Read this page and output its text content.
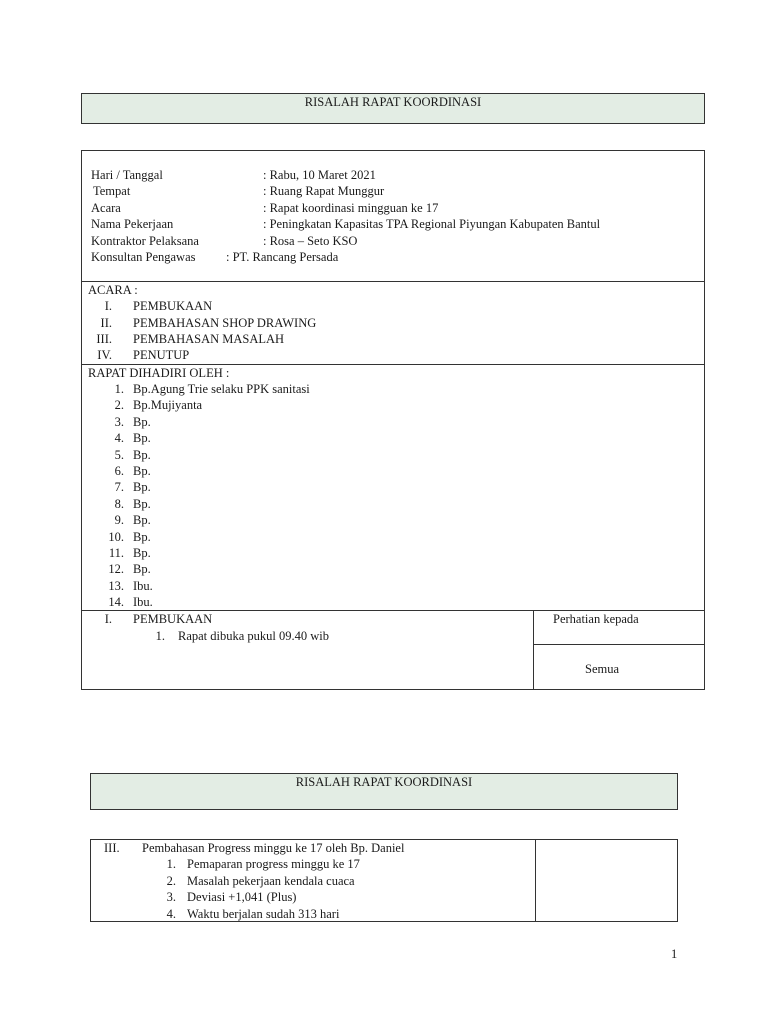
RISALAH RAPAT KOORDINASI
Hari / Tanggal	: Rabu, 10 Maret 2021
Tempat	: Ruang Rapat Munggur
Acara	: Rapat koordinasi mingguan ke 17
Nama Pekerjaan	: Peningkatan Kapasitas TPA Regional Piyungan Kabupaten Bantul
Kontraktor Pelaksana	: Rosa – Seto KSO
Konsultan Pengawas : PT. Rancang Persada
ACARA :
I. PEMBUKAAN
II. PEMBAHASAN SHOP DRAWING
III. PEMBAHASAN MASALAH
IV. PENUTUP
RAPAT DIHADIRI OLEH :
1. Bp.Agung Trie selaku PPK sanitasi
2. Bp.Mujiyanta
3. Bp.
4. Bp.
5. Bp.
6. Bp.
7. Bp.
8. Bp.
9. Bp.
10. Bp.
11. Bp.
12. Bp.
13. Ibu.
14. Ibu.
I. PEMBUKAAN
1. Rapat dibuka pukul 09.40 wib
Perhatian kepada
Semua
RISALAH RAPAT KOORDINASI
III. Pembahasan Progress minggu ke 17 oleh Bp. Daniel
1. Pemaparan progress minggu ke 17
2. Masalah pekerjaan kendala cuaca
3. Deviasi +1,041 (Plus)
4. Waktu berjalan sudah 313 hari
1
